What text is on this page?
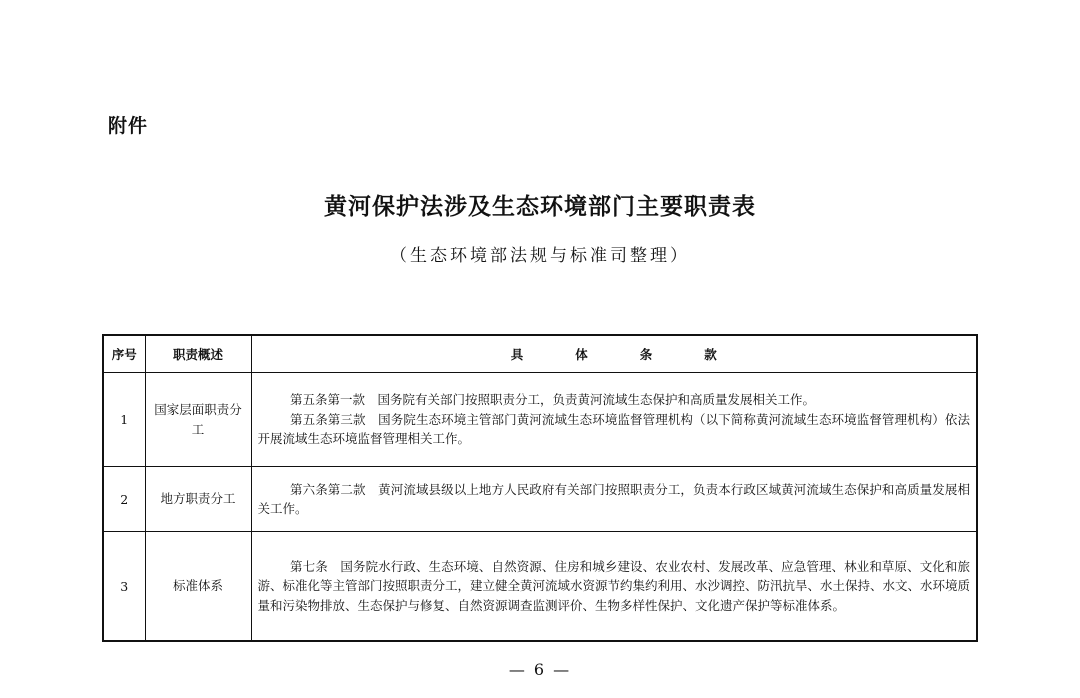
附件
黄河保护法涉及生态环境部门主要职责表
（生态环境部法规与标准司整理）
序号	职责概述	具体条款
1	国家层面职责分工	第五条第一款　国务院有关部门按照职责分工，负责黄河流域生态保护和高质量发展相关工作。

第五条第三款　国务院生态环境主管部门黄河流域生态环境监督管理机构（以下简称黄河流域生态环境监督管理机构）依法开展流域生态环境监督管理相关工作。

2	地方职责分工	第六条第二款　黄河流域县级以上地方人民政府有关部门按照职责分工，负责本行政区域黄河流域生态保护和高质量发展相关工作。

3	标准体系	第七条　国务院水行政、生态环境、自然资源、住房和城乡建设、农业农村、发展改革、应急管理、林业和草原、文化和旅游、标准化等主管部门按照职责分工，建立健全黄河流域水资源节约集约利用、水沙调控、防汛抗旱、水土保持、水文、水环境质量和污染物排放、生态保护与修复、自然资源调查监测评价、生物多样性保护、文化遗产保护等标准体系。

— 6 —
